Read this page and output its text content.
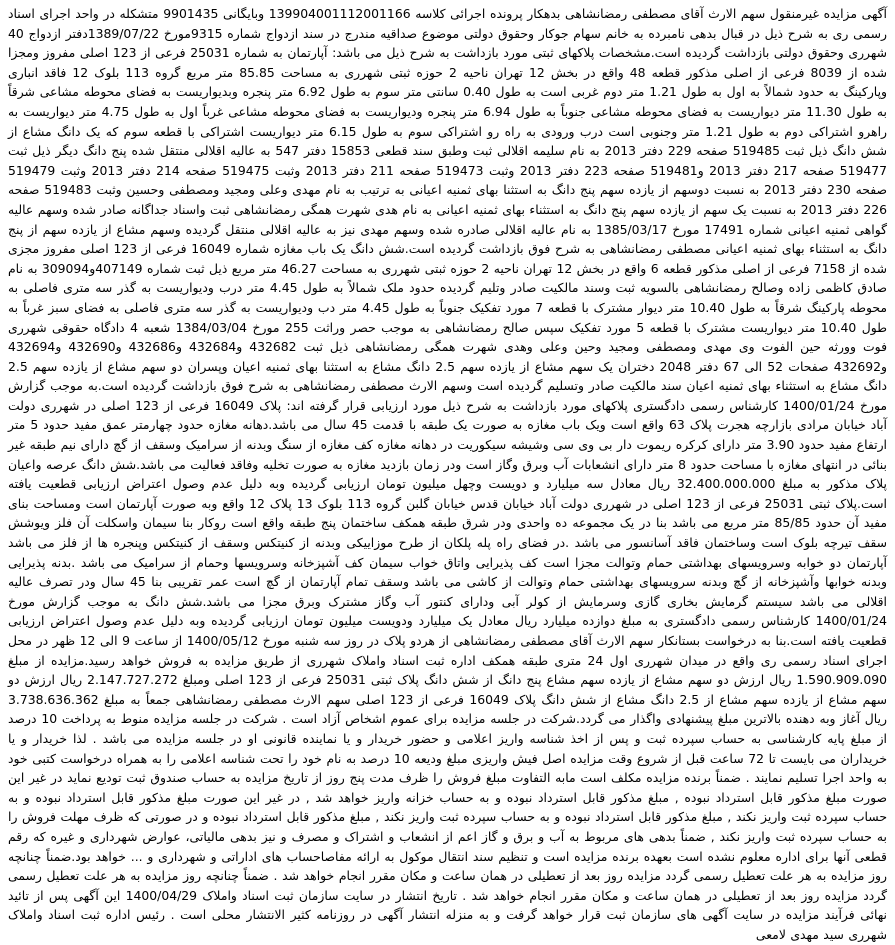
آگهی مزایده غیرمنقول سهم الارث آقای مصطفی رمضانشاهی بدهکار پرونده اجرائی کلاسه 139904001112001166 وبایگانی 9901435 متشکله در واحد اجرای اسناد رسمی ری به شرح ذیل در قبال بدهی نامبرده به خانم سهام جوکار وحقوق دولتی موضوع صداقیه مندرج در سند ازدواج شماره 9315مورخ 1389/07/22دفتر ازدواج 40 شهرری وحقوق دولتی بازداشت گردیده است.مشخصات پلاکهای ثبتی مورد بازداشت به شرح ذیل می باشد: آپارتمان به شماره 25031 فرعی از 123 اصلی مفروز ومجزا شده از 8039 فرعی از اصلی مذکور قطعه 48 واقع در بخش 12 تهران ناحیه 2 حوزه ثبتی شهرری به مساحت 85.85 متر مربع گروه 113 بلوک 12 فاقد انباری وپارکینگ به حدود شمالاً به اول به طول 1.21 متر دوم غربی است به طول 0.40 سانتی متر سوم به طول 6.92 متر پنجره وبدیواریست به فضای محوطه مشاعی شرقاً به طول 11.30 متر دیواریست به فضای محوطه مشاعی جنوباً به طول 6.94 متر پنجره ودیواریست به فضای محوطه مشاعی غرباً اول به طول 4.75 متر دیواریست به راهرو اشتراکی دوم به طول 1.21 متر وجنوبی است درب ورودی به راه رو اشتراکی سوم به طول 6.15 متر دیواریست اشتراکی با قطعه سوم که یک دانگ مشاع از شش دانگ ذیل ثبت 519485 صفحه 229 دفتر 2013 به نام سلیمه اقلالی ثبت وطبق سند قطعی 15853 دفتر 547 به عالیه اقلالی منتقل شده پنج دانگ دیگر ذیل ثبت 519477 صفحه 217 دفتر 2013 و519481 صفحه 223 دفتر 2013 وثبت 519473 صفحه 211 دفتر 2013 وثبت 519475 صفحه 214 دفتر 2013 وثبت 519479 صفحه 230 دفتر 2013 به نسبت دوسهم از یازده سهم پنج دانگ به استثنا بهای ثمنیه اعیانی به ترتیب به نام مهدی وعلی ومجید ومصطفی وحسین وثبت 519483 صفحه 226 دفتر 2013 به نسبت یک سهم از یازده سهم پنج دانگ به استثناء بهای ثمنیه اعیانی به نام هدی شهرت همگی رمضانشاهی ثبت واسناد جداگانه صادر شده وسهم عالیه گواهی ثمنیه اعیانی شماره 17491 مورخ 1385/03/17 به نام عالیه اقلالی صادره شده وسهم مهدی نیز به عالیه اقلالی منتقل گردیده وسهم مشاع از یازده سهم از پنج دانگ به استثناء بهای ثمنیه اعیانی مصطفی رمضانشاهی به شرح فوق بازداشت گردیده است.شش دانگ یک باب مغازه شماره 16049 فرعی از 123 اصلی مفروز مجزی شده از 7158 فرعی از اصلی مذکور قطعه 6 واقع در بخش 12 تهران ناحیه 2 حوزه ثبتی شهرری به مساحت 46.27 متر مربع ذیل ثبت شماره 407149و309094 به نام صادق کاظمی زاده وصالح رمضانشاهی بالسویه ثبت وسند مالکیت صادر وتلیم گردیده حدود ملک شمالاً به طول 4.45 متر درب ودیواریست به گذر سه متری فاصلی به محوطه پارکینگ شرقاً به طول 10.40 متر دیوار مشترک با قطعه 7 مورد تفکیک جنوباً به طول 4.45 متر دب ودیواریست به گذر سه متری فاصلی به فضای سبز غرباً به طول 10.40 متر دیواریست مشترک با قطعه 5 مورد تفکیک سپس صالح رمضانشاهی به موجب حصر وراثت 255 مورخ 1384/03/04 شعبه 4 دادگاه حقوقی شهرری فوت وورثه حین الفوت وی مهدی ومصطفی ومجید وحین وعلی وهدی شهرت همگی رمضانشاهی ذیل ثبت 432682 و432684 و432686 و432690 و432694 و432692 صفحات 52 الی 67 دفتر 2048 دختران یک سهم مشاع از یازده سهم 2.5 دانگ مشاع به استثنا بهای ثمنیه اعیان وپسران دو سهم مشاع از یازده سهم 2.5 دانگ مشاع به استثناء بهای ثمنیه اعیان سند مالکیت صادر وتسلیم گردیده است وسهم الارث مصطفی رمضانشاهی به شرح فوق بازداشت گردیده است.به موجب گزارش مورخ 1400/01/24 کارشناس رسمی دادگستری پلاکهای مورد بازداشت به شرح ذیل مورد ارزیابی قرار گرفته اند: پلاک 16049 فرعی از 123 اصلی در شهرری دولت آباد خیابان مرادی بازارچه هجرت پلاک 63 واقع است ویک باب مغازه به صورت یک طبقه با قدمت 45 سال می باشد.دهانه مغازه حدود چهارمتر عمق مفید حدود 5 متر ارتفاع مفید حدود 3.90 متر دارای کرکره ریموت دار بی وی سی وشیشه سیکوریت در دهانه مغازه کف مغازه از سنگ وبدنه از سرامیک وسقف از گچ دارای نیم طبقه غیر بنائی در انتهای مغازه با مساحت حدود 8 متر دارای انشعابات آب وبرق وگاز است ودر زمان بازدید مغازه به صورت تخلیه وفاقد فعالیت می باشد.شش دانگ عرصه واعیان پلاک مذکور به مبلغ 32.400.000.000 ریال معادل سه میلیارد و دویست وچهل میلیون تومان ارزیابی گردیده وبه دلیل عدم وصول اعتراض ارزیابی قطعیت یافته است.پلاک ثبتی 25031 فرعی از 123 اصلی در شهرری دولت آباد خیابان قدس خیابان گلبن گروه 113 بلوک 13 پلاک 12 واقع وبه صورت آپارتمان است ومساحت بنای مفید آن حدود 85/85 متر مربع می باشد بنا در یک مجموعه ده واحدی ودر شرق طبقه همکف ساختمان پنج طبقه واقع است روکار بنا سیمان واسکلت آن فلز ویوشش سقف تیرچه بلوک است وساختمان فاقد آسانسور می باشد .در فضای راه پله پلکان از طرح موزاییکی وبدنه از کنیتکس وسقف از کنیتکس وپنجره ها از فلز می باشد آپارتمان دو خوابه وسرویسهای بهداشتی حمام وتوالت مجزا است کف پذیرایی واتاق خواب سیمان کف آشپزخانه وسرویسها وحمام از سرامیک می باشد .بدنه پذیرایی وبدنه خوابها وآشپزخانه از گچ وبدنه سرویسهای بهداشتی حمام وتوالت از کاشی می باشد وسقف تمام آپارتمان از گچ است عمر تقریبی بنا 45 سال ودر تصرف عالیه اقلالی می باشد سیستم گرمایش بخاری گازی وسرمایش از کولر آبی ودارای کنتور آب وگاز مشترک وبرق مجزا می باشد.شش دانگ به موجب گزارش مورخ 1400/01/24 کارشناس رسمی دادگستری به مبلغ دوازده میلیارد ریال معادل یک میلیارد ودویست میلیون تومان ارزیابی گردیده وبه دلیل عدم وصول اعتراض ارزیابی قطعیت یافته است.بنا به درخواست بستانکار سهم الارث آقای مصطفی رمضانشاهی از هردو پلاک در روز سه شنبه مورخ 1400/05/12 از ساعت 9 الی 12 ظهر در محل اجرای اسناد رسمی ری واقع در میدان شهرری اول 24 متری طبقه همکف اداره ثبت اسناد واملاک شهرری از طریق مزایده به فروش خواهد رسید.مزایده از مبلغ 1.590.909.090 ریال ارزش دو سهم مشاع از یازده سهم مشاع پنج دانگ از شش دانگ پلاک ثبتی 25031 فرعی از 123 اصلی ومبلغ 2.147.727.272 ریال ارزش دو سهم مشاع از یازده سهم مشاع از 2.5 دانگ مشاع از شش دانگ پلاک 16049 فرعی از 123 اصلی سهم الارث مصطفی رمضانشاهی جمعاً به مبلغ 3.738.636.362 ریال آغاز وبه دهنده بالاترین مبلغ پیشنهادی واگذار می گردد.شرکت در جلسه مزایده برای عموم اشخاص آزاد است . شرکت در جلسه مزایده منوط به پرداخت 10 درصد از مبلغ پایه کارشناسی به حساب سپرده ثبت و پس از اخذ شناسه واریز اعلامی و حضور خریدار و یا نماینده قانونی او در جلسه مزایده می باشد . لذا خریدار و یا خریداران می بایست تا 72 ساعت قبل از شروع وقت مزایده اصل فیش واریزی مبلغ ودیعه 10 درصد به نام خود را تحت شناسه اعلامی را به همراه درخواست کتبی خود به واحد اجرا تسلیم نمایند . ضمناً برنده مزایده مکلف است مابه التفاوت مبلغ فروش را ظرف مدت پنج روز از تاریخ مزایده به حساب صندوق ثبت تودیع نماید در غیر این صورت مبلغ مذکور قابل استرداد نبوده , مبلغ مذکور قابل استرداد نبوده و به حساب خزانه واریز خواهد شد , در غیر این صورت مبلغ مذکور قابل استرداد نبوده و به حساب سپرده ثبت واریز نکند , مبلغ مذکور قابل استرداد نبوده و به حساب سپرده ثبت واریز نکند , مبلغ مذکور قابل استرداد نبوده و در صورتی که ظرف مهلت فروش را به حساب سپرده ثبت واریز نکند , ضمناً بدهی های مربوط به آب و برق و گاز اعم از انشعاب و اشتراک و مصرف و نیز بدهی مالیاتی، عوارض شهرداری و غیره که رقم قطعی آنها برای اداره معلوم نشده است بعهده برنده مزایده است و تنظیم سند انتقال موکول به ارائه مفاصاحساب های اداراتی و شهرداری و ... خواهد بود.ضمناً چنانچه روز مزایده به هر علت تعطیل رسمی گردد مزایده روز بعد از تعطیلی در همان ساعت و مکان مقرر انجام خواهد شد . ضمناً چنانچه روز مزایده به هر علت تعطیل رسمی گردد مزایده روز بعد از تعطیلی در همان ساعت و مکان مقرر انجام خواهد شد . تاریخ انتشار در سایت سازمان ثبت اسناد واملاک 1400/04/29 این آگهی پس از تائید نهائی فرآیند مزایده در سایت آگهی های سازمان ثبت قرار خواهد گرفت و به منزله انتشار آگهی در روزنامه کثیر الانتشار محلی است . رئیس اداره ثبت اسناد واملاک شهرری سید مهدی لامعی
